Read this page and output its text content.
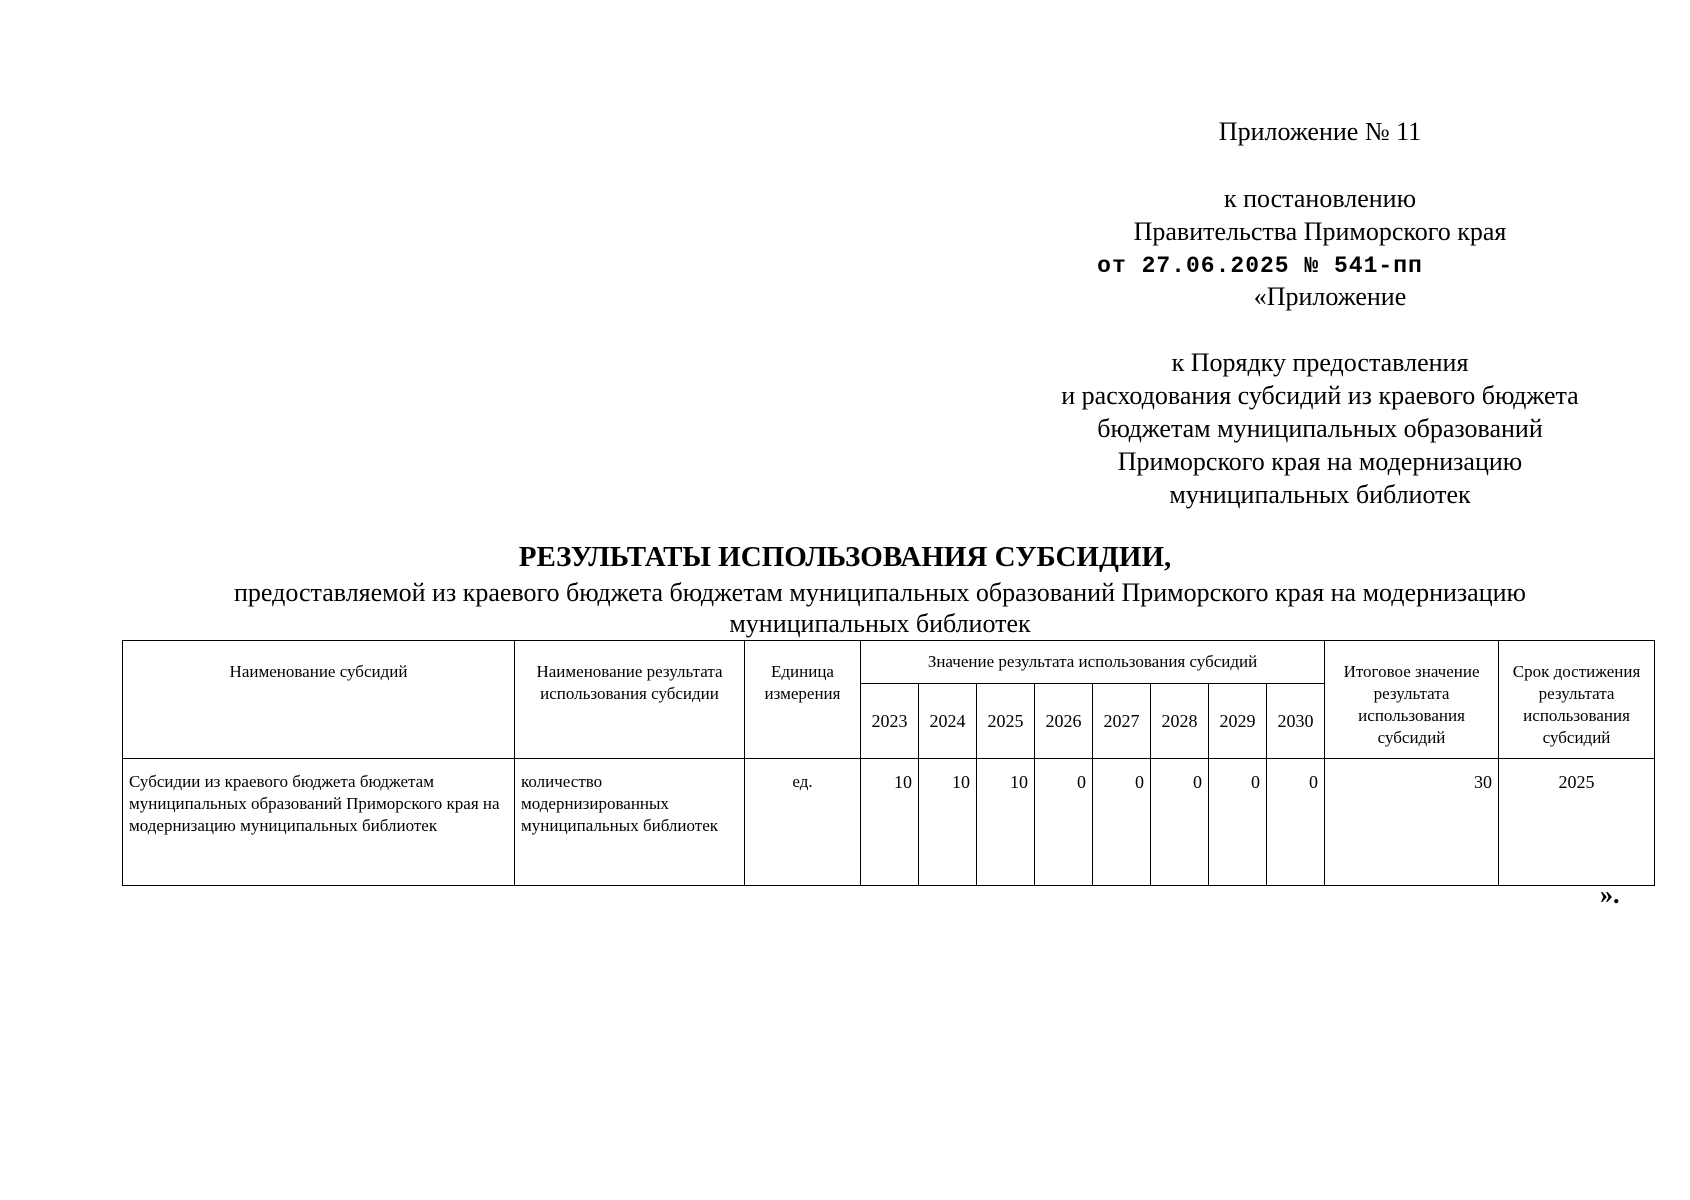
Приложение № 11
к постановлению
Правительства Приморского края
от 27.06.2025 № 541-пп
«Приложение
к Порядку предоставления
и расходования субсидий из краевого бюджета
бюджетам муниципальных образований
Приморского края на модернизацию
муниципальных библиотек
РЕЗУЛЬТАТЫ ИСПОЛЬЗОВАНИЯ СУБСИДИИ,
предоставляемой из краевого бюджета бюджетам муниципальных образований Приморского края на модернизацию
муниципальных библиотек
Наименование субсидий	Наименование результата использования субсидии	Единица измерения	Значение результата использования субсидий								Итоговое значение результата использования субсидий	Срок достижения результата использования субсидий
			2023	2024	2025	2026	2027	2028	2029	2030		
Субсидии из краевого бюджета бюджетам муниципальных образований Приморского края на модернизацию муниципальных библиотек	количество модернизированных муниципальных библиотек	ед.	10	10	10	0	0	0	0	0	30	2025
».
